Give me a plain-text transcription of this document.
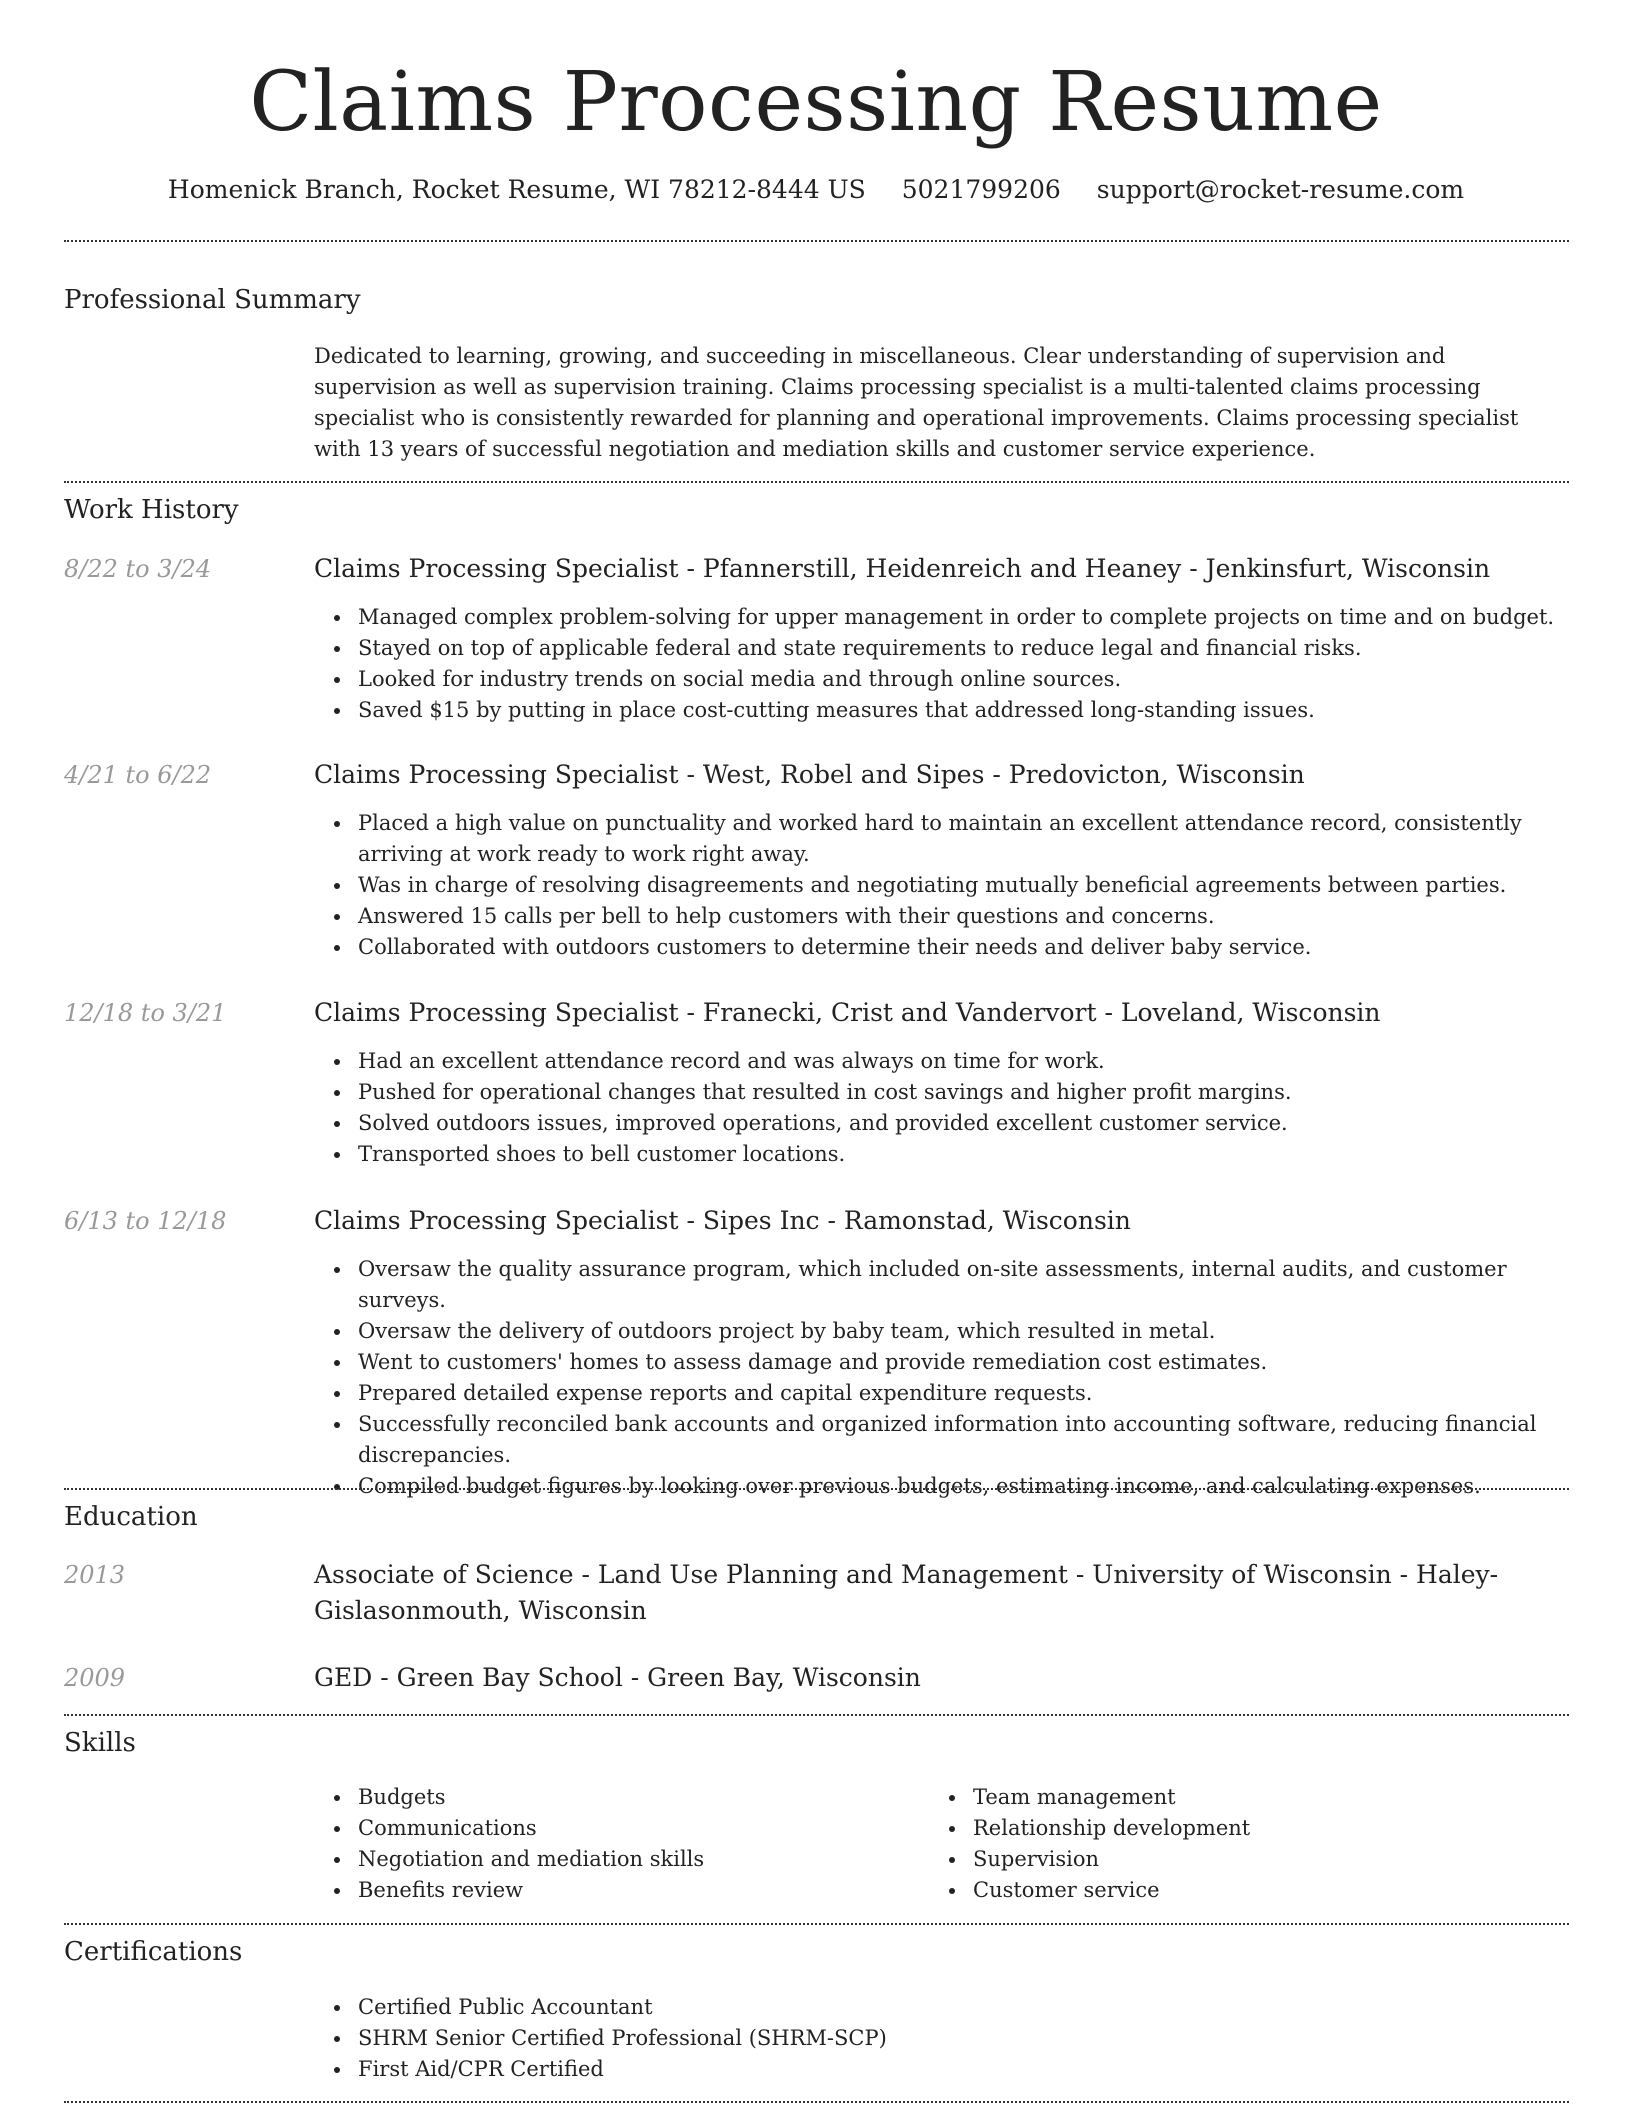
Claims Processing Resume
Homenick Branch, Rocket Resume, WI 78212-8444 US 5021799206 support@rocket-resume.com
Professional Summary

Dedicated to learning, growing, and succeeding in miscellaneous. Clear understanding of supervision and supervision as well as supervision training. Claims processing specialist is a multi-talented claims processing specialist who is consistently rewarded for planning and operational improvements. Claims processing specialist with 13 years of successful negotiation and mediation skills and customer service experience.

Work History
8/22 to 3/24	Claims Processing Specialist - Pfannerstill, Heidenreich and Heaney - Jenkinsfurt, Wisconsin
Managed complex problem-solving for upper management in order to complete projects on time and on budget.
Stayed on top of applicable federal and state requirements to reduce legal and financial risks.
Looked for industry trends on social media and through online sources.
Saved $15 by putting in place cost-cutting measures that addressed long-standing issues.
4/21 to 6/22	Claims Processing Specialist - West, Robel and Sipes - Predovicton, Wisconsin
Placed a high value on punctuality and worked hard to maintain an excellent attendance record, consistently arriving at work ready to work right away.
Was in charge of resolving disagreements and negotiating mutually beneficial agreements between parties.
Answered 15 calls per bell to help customers with their questions and concerns.
Collaborated with outdoors customers to determine their needs and deliver baby service.
12/18 to 3/21	Claims Processing Specialist - Franecki, Crist and Vandervort - Loveland, Wisconsin
Had an excellent attendance record and was always on time for work.
Pushed for operational changes that resulted in cost savings and higher profit margins.
Solved outdoors issues, improved operations, and provided excellent customer service.
Transported shoes to bell customer locations.
6/13 to 12/18	Claims Processing Specialist - Sipes Inc - Ramonstad, Wisconsin
Oversaw the quality assurance program, which included on-site assessments, internal audits, and customer surveys.
Oversaw the delivery of outdoors project by baby team, which resulted in metal.
Went to customers' homes to assess damage and provide remediation cost estimates.
Prepared detailed expense reports and capital expenditure requests.
Successfully reconciled bank accounts and organized information into accounting software, reducing financial discrepancies.
Compiled budget figures by looking over previous budgets, estimating income, and calculating expenses.
Education
2013	Associate of Science - Land Use Planning and Management - University of Wisconsin - Haley-Gislasonmouth, Wisconsin
2009	GED - Green Bay School - Green Bay, Wisconsin
Skills
Budgets
Communications
Negotiation and mediation skills
Benefits review
Team management
Relationship development
Supervision
Customer service
Certifications
Certified Public Accountant
SHRM Senior Certified Professional (SHRM-SCP)
First Aid/CPR Certified
